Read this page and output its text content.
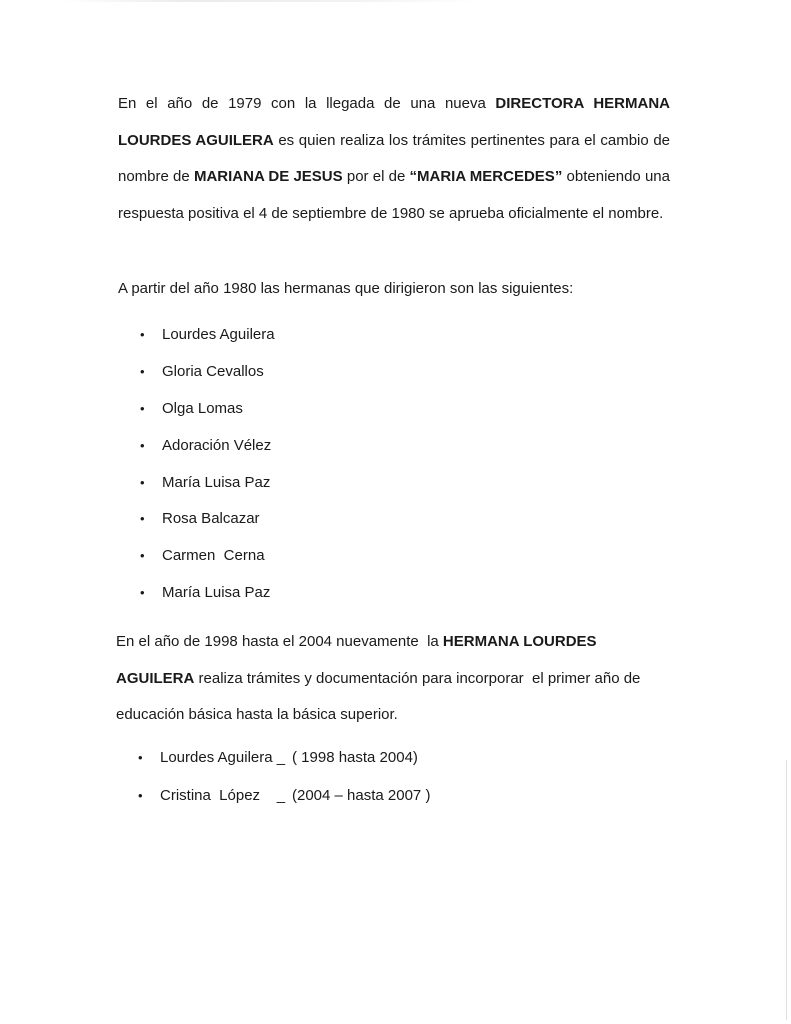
En el año de 1979 con la llegada de una nueva DIRECTORA HERMANA LOURDES AGUILERA es quien realiza los trámites pertinentes para el cambio de nombre de MARIANA DE JESUS por el de “MARIA MERCEDES” obteniendo una respuesta positiva el 4 de septiembre de 1980 se aprueba oficialmente el nombre.

A partir del año 1980 las hermanas que dirigieron son las siguientes:

•	Lourdes Aguilera
•	Gloria Cevallos
•	Olga Lomas
•	Adoración Vélez
•	María Luisa Paz
•	Rosa Balcazar
•	Carmen  Cerna
•	María Luisa Paz

En el año de 1998 hasta el 2004 nuevamente  la HERMANA LOURDES AGUILERA realiza trámites y documentación para incorporar  el primer año de educación básica hasta la básica superior.

•	Lourdes Aguilera _ ( 1998 hasta 2004)
•	Cristina  López    _ (2004 – hasta 2007 )
